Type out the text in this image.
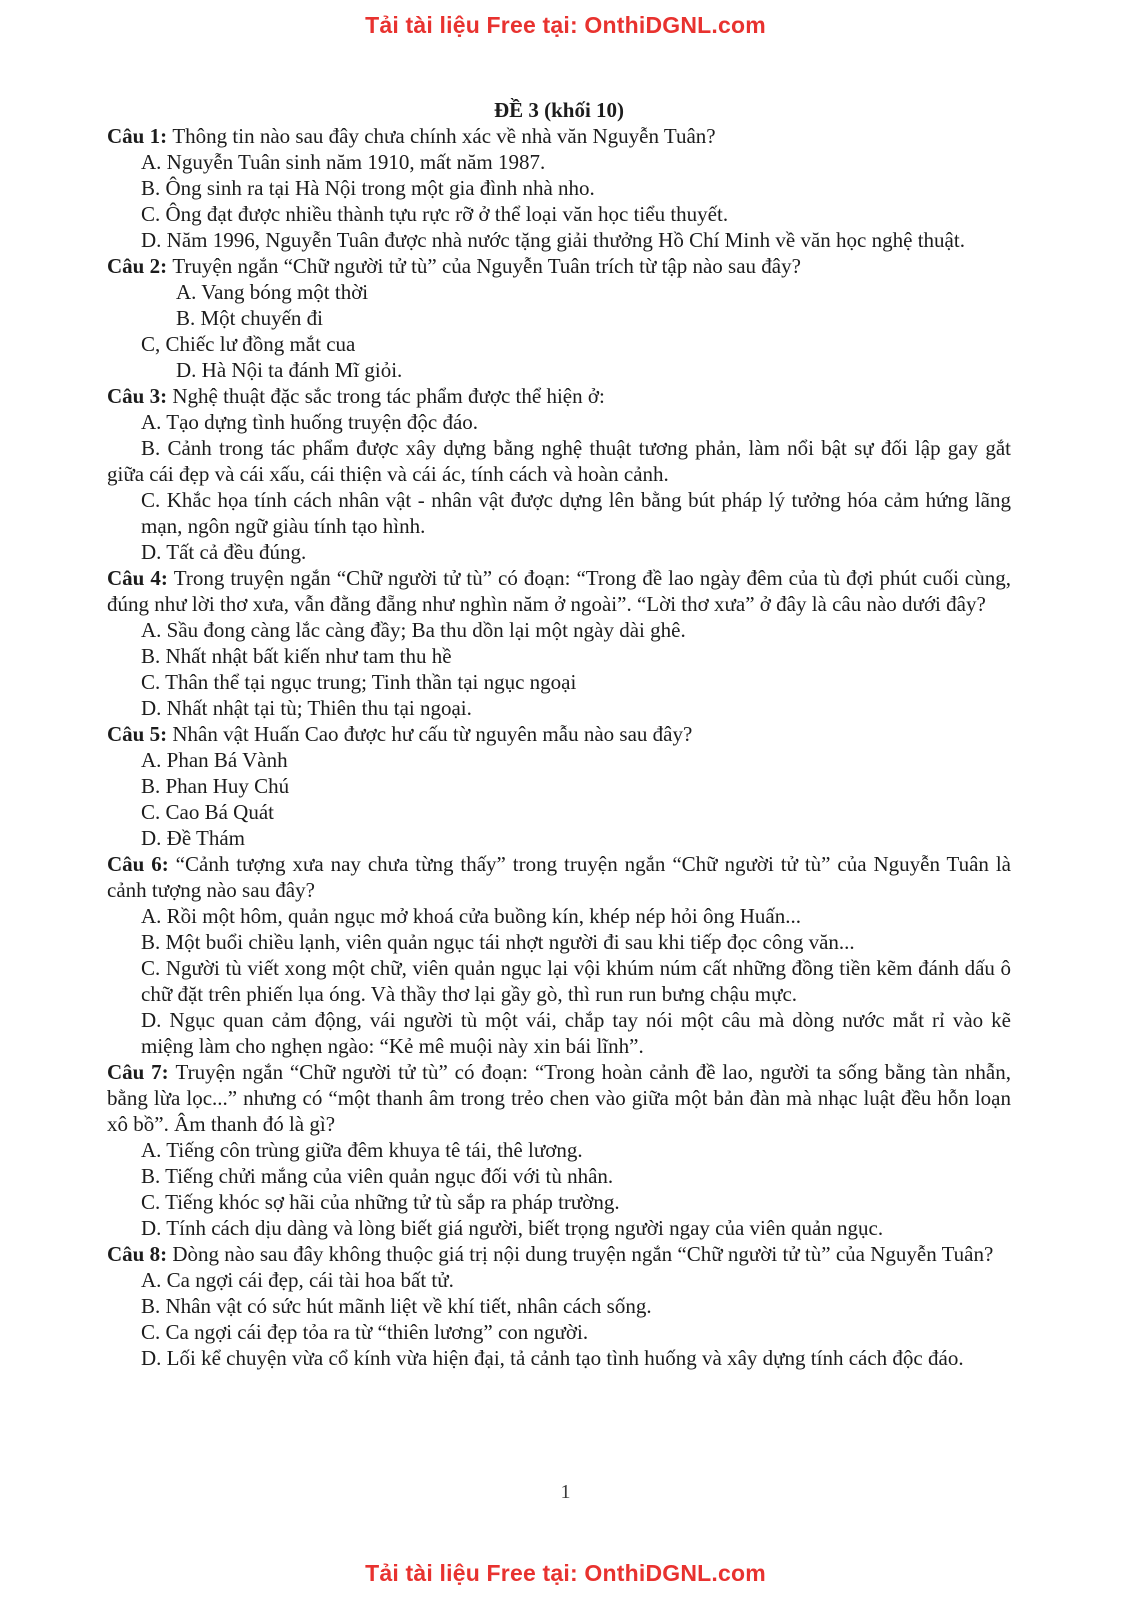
Tải tài liệu Free tại: OnthiDGNL.com

ĐỀ 3 (khối 10)

Câu 1: Thông tin nào sau đây chưa chính xác về nhà văn Nguyễn Tuân?

A. Nguyễn Tuân sinh năm 1910, mất năm 1987.

B. Ông sinh ra tại Hà Nội trong một gia đình nhà nho.

C. Ông đạt được nhiều thành tựu rực rỡ ở thể loại văn học tiểu thuyết.

D. Năm 1996, Nguyễn Tuân được nhà nước tặng giải thưởng Hồ Chí Minh về văn học nghệ thuật.

Câu 2: Truyện ngắn “Chữ người tử tù” của Nguyễn Tuân trích từ tập nào sau đây?

A. Vang bóng một thời

B. Một chuyến đi

C, Chiếc lư đồng mắt cua

D. Hà Nội ta đánh Mĩ giỏi.

Câu 3: Nghệ thuật đặc sắc trong tác phẩm được thể hiện ở:

A. Tạo dựng tình huống truyện độc đáo.

B. Cảnh trong tác phẩm được xây dựng bằng nghệ thuật tương phản, làm nổi bật sự đối lập gay gắt giữa cái đẹp và cái xấu, cái thiện và cái ác, tính cách và hoàn cảnh.

C. Khắc họa tính cách nhân vật - nhân vật được dựng lên bằng bút pháp lý tưởng hóa cảm hứng lãng mạn, ngôn ngữ giàu tính tạo hình.

D. Tất cả đều đúng.

Câu 4: Trong truyện ngắn “Chữ người tử tù” có đoạn: “Trong đề lao ngày đêm của tù đợi phút cuối cùng, đúng như lời thơ xưa, vẫn đằng đẵng như nghìn năm ở ngoài”. “Lời thơ xưa” ở đây là câu nào dưới đây?

A. Sầu đong càng lắc càng đầy; Ba thu dồn lại một ngày dài ghê.

B. Nhất nhật bất kiến như tam thu hề

C. Thân thể tại ngục trung; Tinh thần tại ngục ngoại

D. Nhất nhật tại tù; Thiên thu tại ngoại.

Câu 5: Nhân vật Huấn Cao được hư cấu từ nguyên mẫu nào sau đây?

A. Phan Bá Vành

B. Phan Huy Chú

C. Cao Bá Quát

D. Đề Thám

Câu 6: “Cảnh tượng xưa nay chưa từng thấy” trong truyện ngắn “Chữ người tử tù” của Nguyễn Tuân là cảnh tượng nào sau đây?

A. Rồi một hôm, quản ngục mở khoá cửa buồng kín, khép nép hỏi ông Huấn...

B. Một buổi chiều lạnh, viên quản ngục tái nhợt người đi sau khi tiếp đọc công văn...

C. Người tù viết xong một chữ, viên quản ngục lại vội khúm núm cất những đồng tiền kẽm đánh dấu ô chữ đặt trên phiến lụa óng. Và thầy thơ lại gầy gò, thì run run bưng chậu mực.

D. Ngục quan cảm động, vái người tù một vái, chắp tay nói một câu mà dòng nước mắt rỉ vào kẽ miệng làm cho nghẹn ngào: “Kẻ mê muội này xin bái lĩnh”.

Câu 7: Truyện ngắn “Chữ người tử tù” có đoạn: “Trong hoàn cảnh đề lao, người ta sống bằng tàn nhẫn, bằng lừa lọc...” nhưng có “một thanh âm trong trẻo chen vào giữa một bản đàn mà nhạc luật đều hỗn loạn xô bồ”. Âm thanh đó là gì?

A. Tiếng côn trùng giữa đêm khuya tê tái, thê lương.

B. Tiếng chửi mắng của viên quản ngục đối với tù nhân.

C. Tiếng khóc sợ hãi của những tử tù sắp ra pháp trường.

D. Tính cách dịu dàng và lòng biết giá người, biết trọng người ngay của viên quản ngục.

Câu 8: Dòng nào sau đây không thuộc giá trị nội dung truyện ngắn “Chữ người tử tù” của Nguyễn Tuân?

A. Ca ngợi cái đẹp, cái tài hoa bất tử.

B. Nhân vật có sức hút mãnh liệt về khí tiết, nhân cách sống.

C. Ca ngợi cái đẹp tỏa ra từ “thiên lương” con người.

D. Lối kể chuyện vừa cổ kính vừa hiện đại, tả cảnh tạo tình huống và xây dựng tính cách độc đáo.

1
Tải tài liệu Free tại: OnthiDGNL.com
